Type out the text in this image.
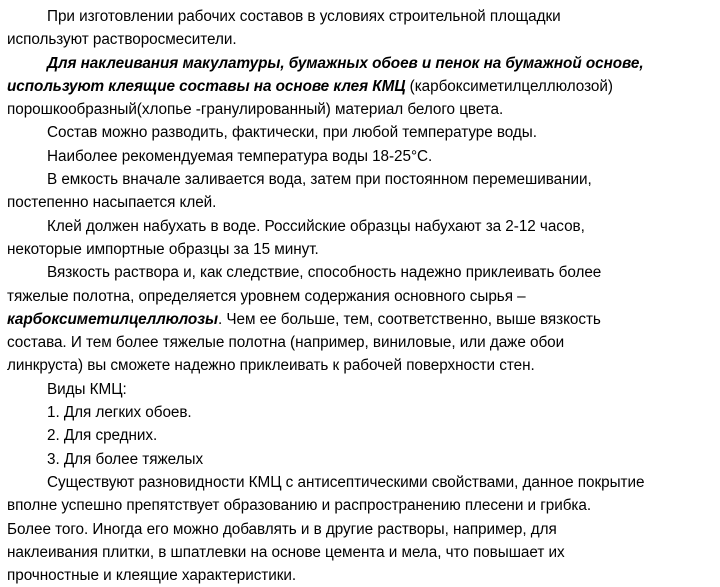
При изготовлении рабочих составов в условиях строительной площадки
используют растворосмесители.
Для наклеивания макулатуры, бумажных обоев и пенок на бумажной основе,
используют клеящие составы на основе клея КМЦ (карбоксиметилцеллюлозой)
порошкообразный(хлопье -гранулированный) материал белого цвета.
Состав можно разводить, фактически, при любой температуре воды.
Наиболее рекомендуемая температура воды 18-25°С.
В емкость вначале заливается вода, затем при постоянном перемешивании,
постепенно насыпается клей.
Клей должен набухать в воде. Российские образцы набухают за 2-12 часов,
некоторые импортные образцы за 15 минут.
Вязкость раствора и, как следствие, способность надежно приклеивать более
тяжелые полотна, определяется уровнем содержания основного сырья –
карбоксиметилцеллюлозы. Чем ее больше, тем, соответственно, выше вязкость
состава. И тем более тяжелые полотна (например, виниловые, или даже обои
линкруста) вы сможете надежно приклеивать к рабочей поверхности стен.
Виды КМЦ:
1. Для легких обоев.
2. Для средних.
3. Для более тяжелых
Существуют разновидности КМЦ с антисептическими свойствами, данное покрытие
вполне успешно препятствует образованию и распространению плесени и грибка.
Более того. Иногда его можно добавлять и в другие растворы, например, для
наклеивания плитки, в шпатлевки на основе цемента и мела, что повышает их
прочностные и клеящие характеристики.
